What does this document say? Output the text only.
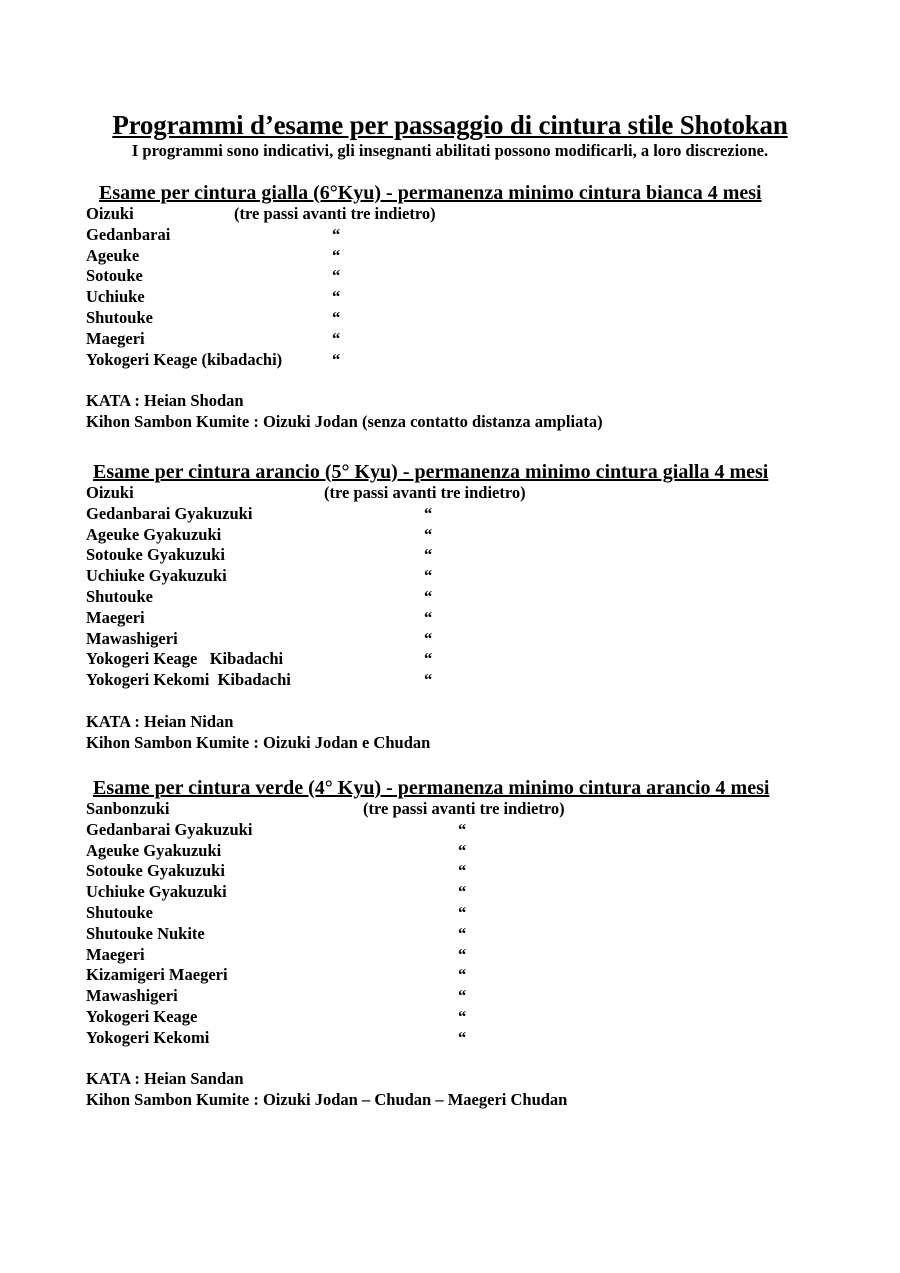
Programmi d’esame per passaggio di cintura stile Shotokan
I programmi sono indicativi, gli insegnanti abilitati possono modificarli, a loro discrezione.
Esame per cintura gialla (6°Kyu) - permanenza minimo cintura bianca 4 mesi
Oizuki	(tre passi avanti tre indietro)
Gedanbarai	“
Ageuke	“
Sotouke	“
Uchiuke	“
Shutouke	“
Maegeri	“
Yokogeri Keage (kibadachi)	“
KATA : Heian Shodan
Kihon Sambon Kumite : Oizuki Jodan (senza contatto distanza ampliata)
Esame per cintura arancio (5° Kyu) - permanenza minimo cintura gialla 4 mesi
Oizuki	(tre passi avanti tre indietro)
Gedanbarai Gyakuzuki	“
Ageuke Gyakuzuki	“
Sotouke Gyakuzuki	“
Uchiuke Gyakuzuki	“
Shutouke	“
Maegeri	“
Mawashigeri	“
Yokogeri Keage   Kibadachi	“
Yokogeri Kekomi  Kibadachi	“
KATA : Heian Nidan
Kihon Sambon Kumite : Oizuki Jodan e Chudan
Esame per cintura verde (4° Kyu) - permanenza minimo cintura arancio 4 mesi
Sanbonzuki	(tre passi avanti tre indietro)
Gedanbarai Gyakuzuki	“
Ageuke Gyakuzuki	“
Sotouke Gyakuzuki	“
Uchiuke Gyakuzuki	“
Shutouke	“
Shutouke Nukite	“
Maegeri	“
Kizamigeri Maegeri	“
Mawashigeri	“
Yokogeri Keage	“
Yokogeri Kekomi	“
KATA : Heian Sandan
Kihon Sambon Kumite : Oizuki Jodan – Chudan – Maegeri Chudan
